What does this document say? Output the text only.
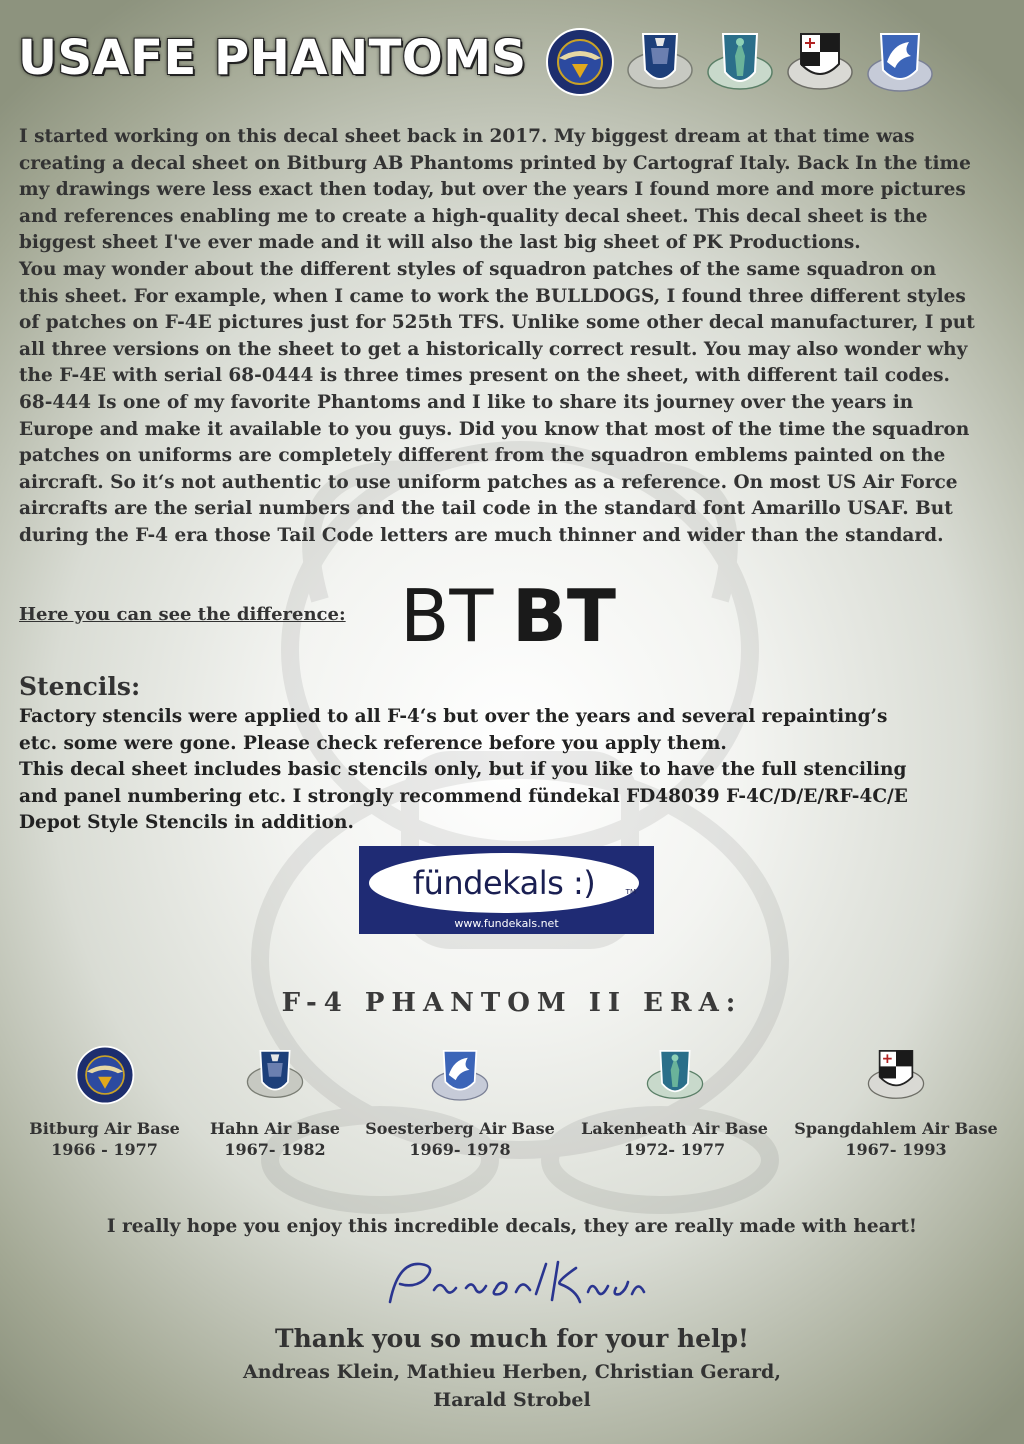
USAFE PHANTOMS
I started working on this decal sheet back in 2017. My biggest dream at that time was
creating a decal sheet on Bitburg AB Phantoms printed by Cartograf Italy. Back In the time
my drawings were less exact then today, but over the years I found more and more pictures
and references enabling me to create a high-quality decal sheet. This decal sheet is the
biggest sheet I've ever made and it will also the last big sheet of PK Productions.
You may wonder about the different styles of squadron patches of the same squadron on
this sheet. For example, when I came to work the BULLDOGS, I found three different styles
of patches on F-4E pictures just for 525th TFS. Unlike some other decal manufacturer, I put
all three versions on the sheet to get a historically correct result. You may also wonder why
the F-4E with serial 68-0444 is three times present on the sheet, with different tail codes.
68-444 Is one of my favorite Phantoms and I like to share its journey over the years in
Europe and make it available to you guys. Did you know that most of the time the squadron
patches on uniforms are completely different from the squadron emblems painted on the
aircraft. So it‘s not authentic to use uniform patches as a reference. On most US Air Force
aircrafts are the serial numbers and the tail code in the standard font Amarillo USAF. But
during the F-4 era those Tail Code letters are much thinner and wider than the standard.

Here you can see the difference: BT BT
Stencils:
Factory stencils were applied to all F-4‘s but over the years and several repainting’s
etc. some were gone. Please check reference before you apply them.
This decal sheet includes basic stencils only, but if you like to have the full stenciling
and panel numbering etc. I strongly recommend fündekal FD48039 F-4C/D/E/RF-4C/E
Depot Style Stencils in addition.
fündekals :)	TM
www.fundekals.net
F-4 PHANTOM II ERA:
Bitburg Air Base
1966 - 1977
Hahn Air Base
1967- 1982
Soesterberg Air Base
1969- 1978
Lakenheath Air Base
1972- 1977
Spangdahlem Air Base
1967- 1993

I really hope you enjoy this incredible decals, they are really made with heart!

Thank you so much for your help!

Andreas Klein, Mathieu Herben, Christian Gerard,
Harald Strobel
